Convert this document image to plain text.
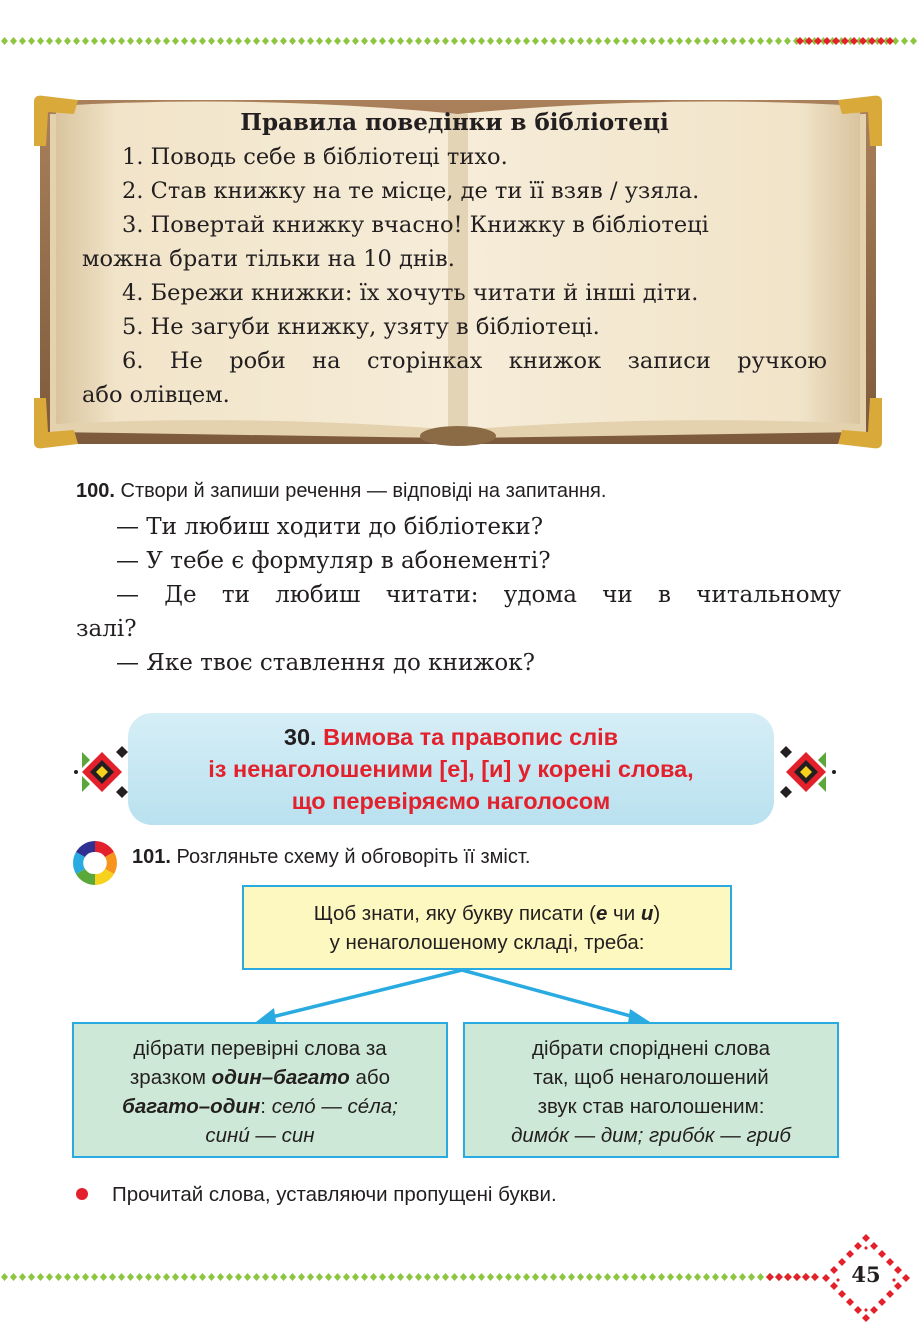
Правила поведінки в бібліотеці
1. Поводь себе в бібліотеці тихо.
2. Став книжку на те місце, де ти її взяв / узяла.
3. Повертай книжку вчасно! Книжку в бібліотеці
можна брати тільки на 10 днів.
4. Бережи книжки: їх хочуть читати й інші діти.
5. Не загуби книжку, узяту в бібліотеці.
6. Не роби на сторінках книжок записи ручкою
або олівцем.
100. Створи й запиши речення — відповіді на запитання.
— Ти любиш ходити до бібліотеки?
— У тебе є формуляр в абонементі?
— Де ти любиш читати: удома чи в читальному
залі?
— Яке твоє ставлення до книжок?
30. Вимова та правопис слів
із ненаголошеними [е], [и] у корені слова,
що перевіряємо наголосом
101. Розгляньте схему й обговоріть її зміст.
Щоб знати, яку букву писати (е чи и)
у ненаголошеному складі, треба:
дібрати перевірні слова за
зразком один–багато або
багато–один: село́ — се́ла;
сини́ — син
дібрати споріднені слова
так, щоб ненаголошений
звук став наголошеним:
димо́к — дим; грибо́к — гриб
Прочитай слова, уставляючи пропущені букви.
45
